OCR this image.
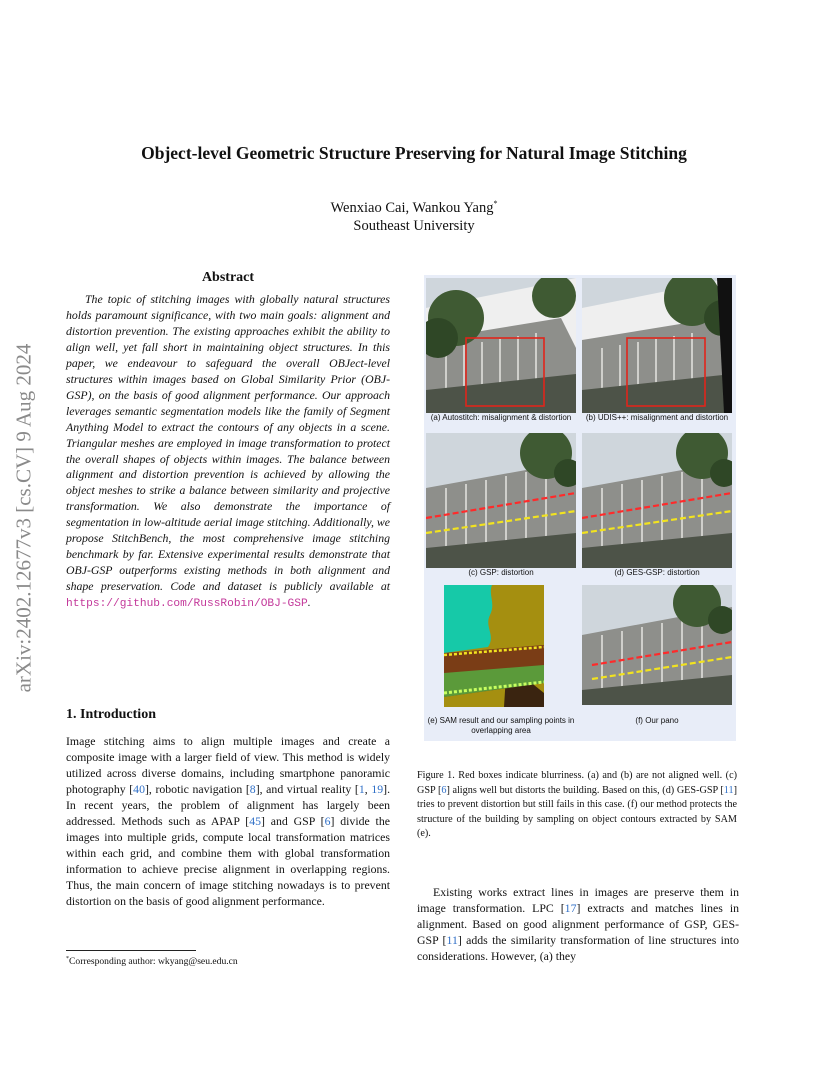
Object-level Geometric Structure Preserving for Natural Image Stitching
Wenxiao Cai, Wankou Yang*
Southeast University
arXiv:2402.12677v3 [cs.CV] 9 Aug 2024
Abstract
The topic of stitching images with globally natural structures holds paramount significance, with two main goals: alignment and distortion prevention. The existing approaches exhibit the ability to align well, yet fall short in maintaining object structures. In this paper, we endeavour to safeguard the overall OBJect-level structures within images based on Global Similarity Prior (OBJ-GSP), on the basis of good alignment performance. Our approach leverages semantic segmentation models like the family of Segment Anything Model to extract the contours of any objects in a scene. Triangular meshes are employed in image transformation to protect the overall shapes of objects within images. The balance between alignment and distortion prevention is achieved by allowing the object meshes to strike a balance between similarity and projective transformation. We also demonstrate the importance of segmentation in low-altitude aerial image stitching. Additionally, we propose StitchBench, the most comprehensive image stitching benchmark by far. Extensive experimental results demonstrate that OBJ-GSP outperforms existing methods in both alignment and shape preservation. Code and dataset is publicly available at https://github.com/RussRobin/OBJ-GSP.
1. Introduction
Image stitching aims to align multiple images and create a composite image with a larger field of view. This method is widely utilized across diverse domains, including smartphone panoramic photography [40], robotic navigation [8], and virtual reality [1, 19]. In recent years, the problem of alignment has largely been addressed. Methods such as APAP [45] and GSP [6] divide the images into multiple grids, compute local transformation matrices within each grid, and combine them with global transformation information to achieve precise alignment in overlapping regions. Thus, the main concern of image stitching nowadays is to prevent distortion on the basis of good alignment performance.
*Corresponding author: wkyang@seu.edu.cn
(a) Autostitch: misalignment & distortion	(b) UDIS++: misalignment and distortion
(c) GSP: distortion	(d) GES-GSP: distortion
(e) SAM result and our sampling points in overlapping area
(f) Our pano
Figure 1. Red boxes indicate blurriness. (a) and (b) are not aligned well. (c) GSP [6] aligns well but distorts the building. Based on this, (d) GES-GSP [11] tries to prevent distortion but still fails in this case. (f) our method protects the structure of the building by sampling on object contours extracted by SAM (e).
Existing works extract lines in images are preserve them in image transformation. LPC [17] extracts and matches lines in alignment. Based on good alignment performance of GSP, GES-GSP [11] adds the similarity transformation of line structures into considerations. However, (a) they
